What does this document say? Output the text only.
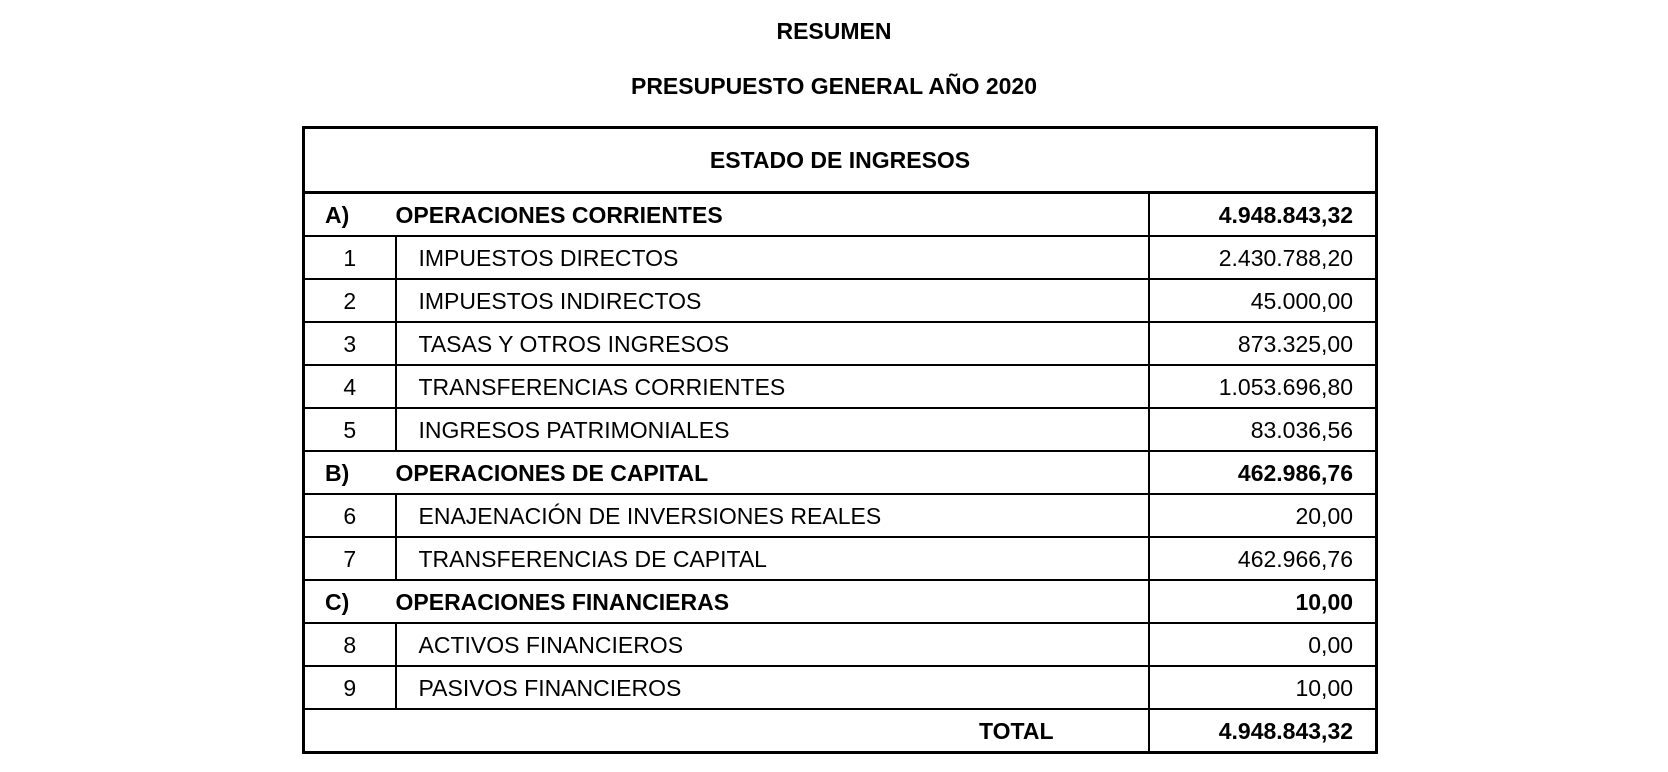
RESUMEN
PRESUPUESTO GENERAL AÑO 2020
ESTADO DE INGRESOS		
A)	OPERACIONES CORRIENTES	4.948.843,32
1	IMPUESTOS DIRECTOS	2.430.788,20
2	IMPUESTOS INDIRECTOS	45.000,00
3	TASAS Y OTROS INGRESOS	873.325,00
4	TRANSFERENCIAS CORRIENTES	1.053.696,80
5	INGRESOS PATRIMONIALES	83.036,56
B)	OPERACIONES DE CAPITAL	462.986,76
6	ENAJENACIÓN DE INVERSIONES REALES	20,00
7	TRANSFERENCIAS DE CAPITAL	462.966,76
C)	OPERACIONES FINANCIERAS	10,00
8	ACTIVOS FINANCIEROS	0,00
9	PASIVOS FINANCIEROS	10,00
TOTAL		4.948.843,32
